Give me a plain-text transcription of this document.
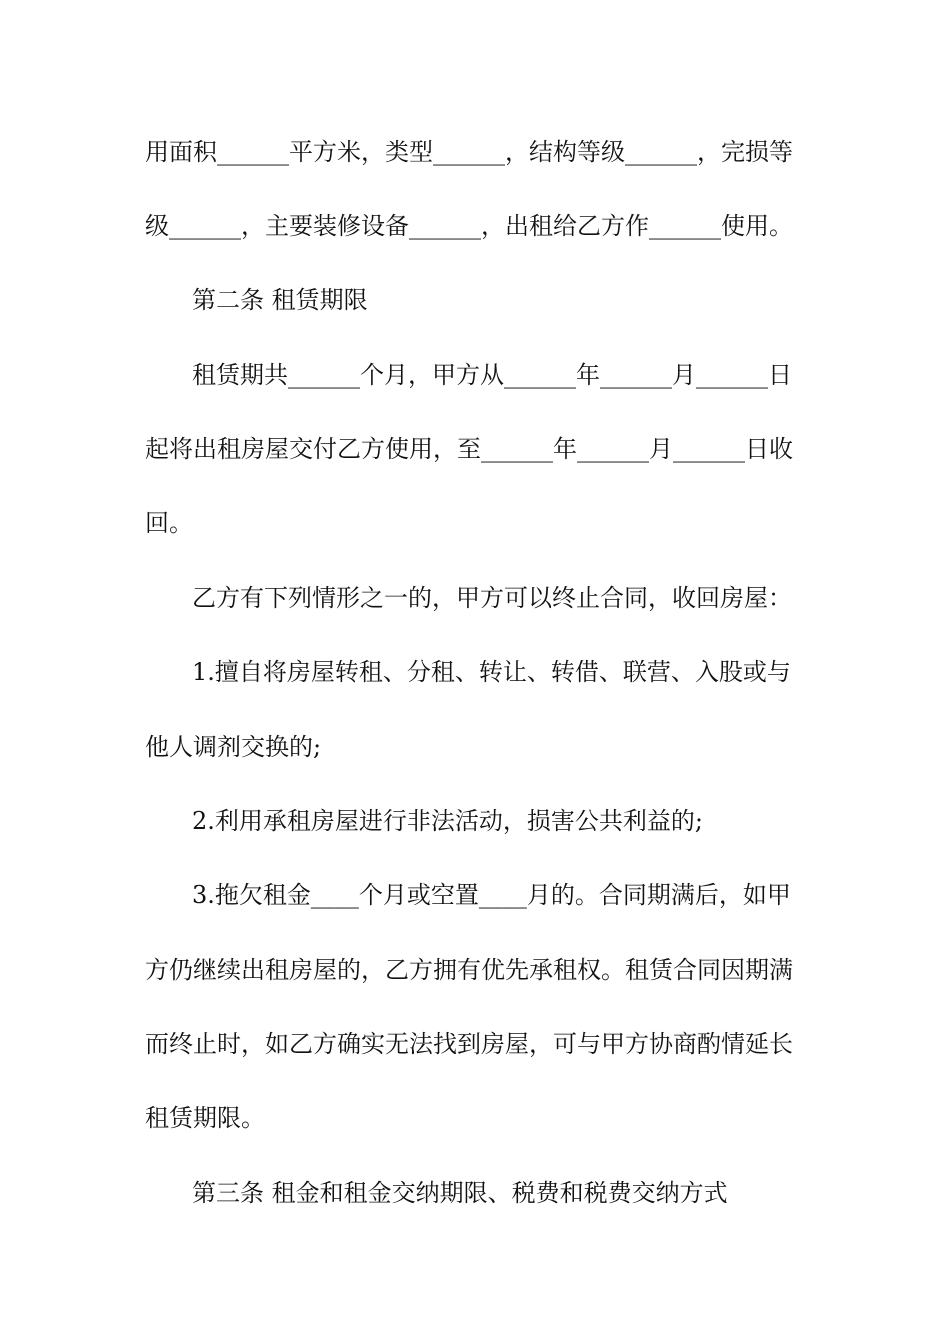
用面积______平方米，类型______，结构等级______，完损等
级______，主要装修设备______，出租给乙方作______使用。
第二条 租赁期限
租赁期共______个月，甲方从______年______月______日
起将出租房屋交付乙方使用，至______年______月______日收
回。
乙方有下列情形之一的，甲方可以终止合同，收回房屋：
1.擅自将房屋转租、分租、转让、转借、联营、入股或与
他人调剂交换的;
2.利用承租房屋进行非法活动，损害公共利益的;
3.拖欠租金____个月或空置____月的。合同期满后，如甲
方仍继续出租房屋的，乙方拥有优先承租权。租赁合同因期满
而终止时，如乙方确实无法找到房屋，可与甲方协商酌情延长
租赁期限。
第三条 租金和租金交纳期限、税费和税费交纳方式
